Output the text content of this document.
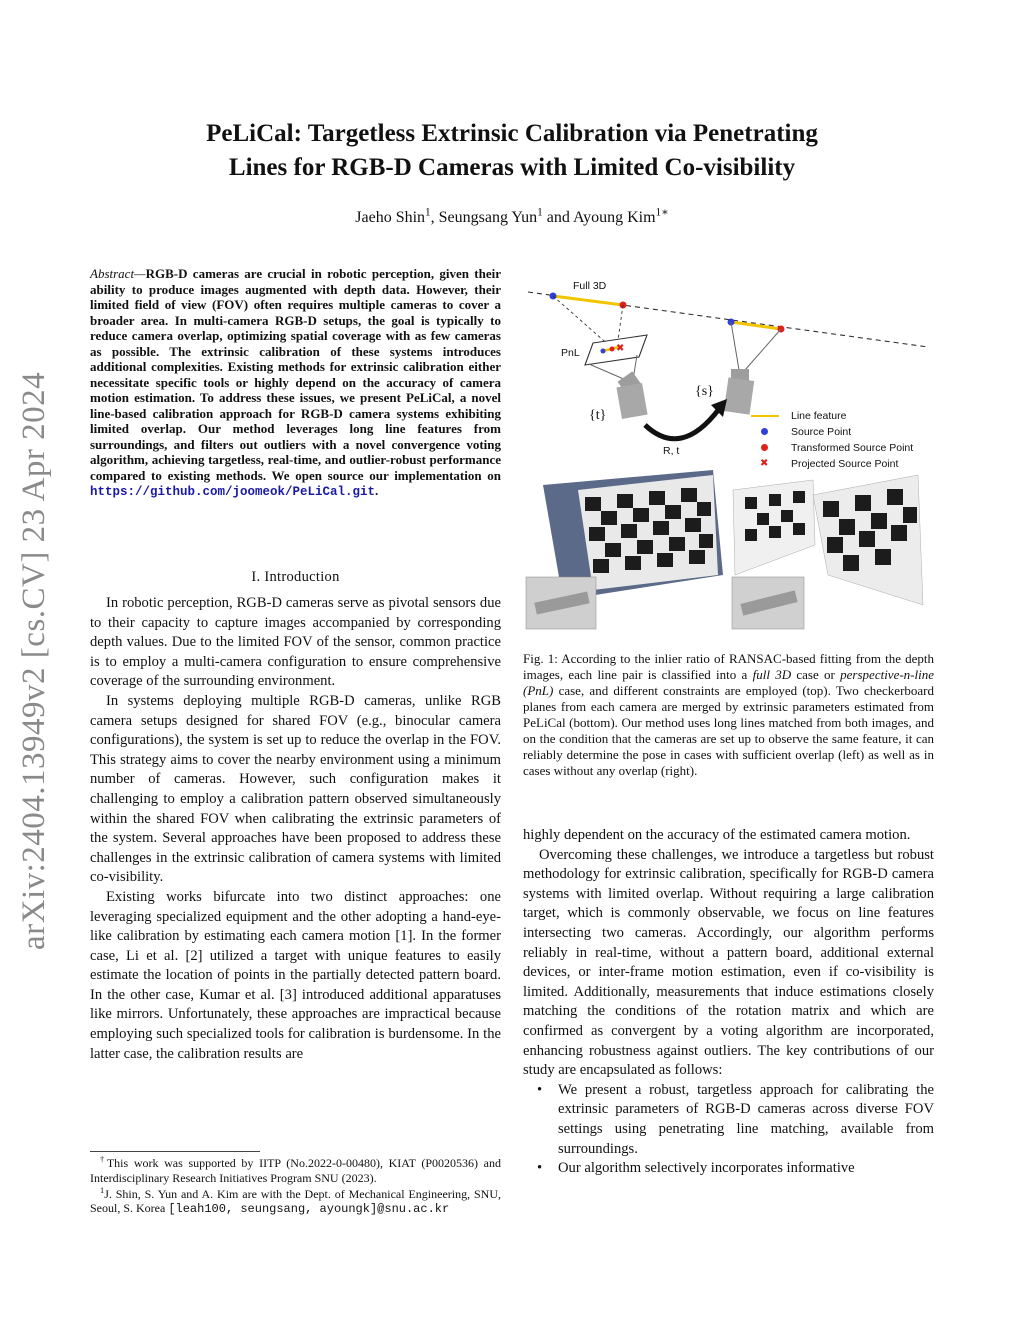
arXiv:2404.13949v2 [cs.CV] 23 Apr 2024
PeLiCal: Targetless Extrinsic Calibration via Penetrating
Lines for RGB-D Cameras with Limited Co-visibility
Jaeho Shin$^1$, Seungsang Yun$^1$ and Ayoung Kim$^{1∗}$
Abstract—RGB-D cameras are crucial in robotic perception, given their ability to produce images augmented with depth data. However, their limited field of view (FOV) often requires multiple cameras to cover a broader area. In multi-camera RGB-D setups, the goal is typically to reduce camera overlap, optimizing spatial coverage with as few cameras as possible. The extrinsic calibration of these systems introduces additional complexities. Existing methods for extrinsic calibration either necessitate specific tools or highly depend on the accuracy of camera motion estimation. To address these issues, we present PeLiCal, a novel line-based calibration approach for RGB-D camera systems exhibiting limited overlap. Our method leverages long line features from surroundings, and filters out outliers with a novel convergence voting algorithm, achieving targetless, real-time, and outlier-robust performance compared to existing methods. We open source our implementation on https://github.com/joomeok/PeLiCal.git.
I. Introduction

In robotic perception, RGB-D cameras serve as pivotal sensors due to their capacity to capture images accompanied by corresponding depth values. Due to the limited FOV of the sensor, common practice is to employ a multi-camera configuration to ensure comprehensive coverage of the surrounding environment.

In systems deploying multiple RGB-D cameras, unlike RGB camera setups designed for shared FOV (e.g., binocular camera configurations), the system is set up to reduce the overlap in the FOV. This strategy aims to cover the nearby environment using a minimum number of cameras. However, such configuration makes it challenging to employ a calibration pattern observed simultaneously within the shared FOV when calibrating the extrinsic parameters of the system. Several approaches have been proposed to address these challenges in the extrinsic calibration of camera systems with limited co-visibility.

Existing works bifurcate into two distinct approaches: one leveraging specialized equipment and the other adopting a hand-eye-like calibration by estimating each camera motion [1]. In the former case, Li et al. [2] utilized a target with unique features to easily estimate the location of points in the partially detected pattern board. In the other case, Kumar et al. [3] introduced additional apparatuses like mirrors. Unfortunately, these approaches are impractical because employing such specialized tools for calibration is burdensome. In the latter case, the calibration results are

†This work was supported by IITP (No.2022-0-00480), KIAT (P0020536) and Interdisciplinary Research Initiatives Program SNU (2023).

$^1$J. Shin, S. Yun and A. Kim are with the Dept. of Mechanical Engineering, SNU, Seoul, S. Korea [leah100, seungsang, ayoungk]@snu.ac.kr

✖
Full 3D
PnL
{t}
{s}
R, t
Line feature
Source Point
Transformed Source Point
✖ Projected Source Point
Fig. 1: According to the inlier ratio of RANSAC-based fitting from the depth images, each line pair is classified into a full 3D case or perspective-n-line (PnL) case, and different constraints are employed (top). Two checkerboard planes from each camera are merged by extrinsic parameters estimated from PeLiCal (bottom). Our method uses long lines matched from both images, and on the condition that the cameras are set up to observe the same feature, it can reliably determine the pose in cases with sufficient overlap (left) as well as in cases without any overlap (right).

highly dependent on the accuracy of the estimated camera motion.

Overcoming these challenges, we introduce a targetless but robust methodology for extrinsic calibration, specifically for RGB-D camera systems with limited overlap. Without requiring a large calibration target, which is commonly observable, we focus on line features intersecting two cameras. Accordingly, our algorithm performs reliably in real-time, without a pattern board, additional external devices, or inter-frame motion estimation, even if co-visibility is limited. Additionally, measurements that induce estimations closely matching the conditions of the rotation matrix and which are confirmed as convergent by a voting algorithm are incorporated, enhancing robustness against outliers. The key contributions of our study are encapsulated as follows:

• We present a robust, targetless approach for calibrating the extrinsic parameters of RGB-D cameras across diverse FOV settings using penetrating line matching, available from surroundings.
• Our algorithm selectively incorporates informative
